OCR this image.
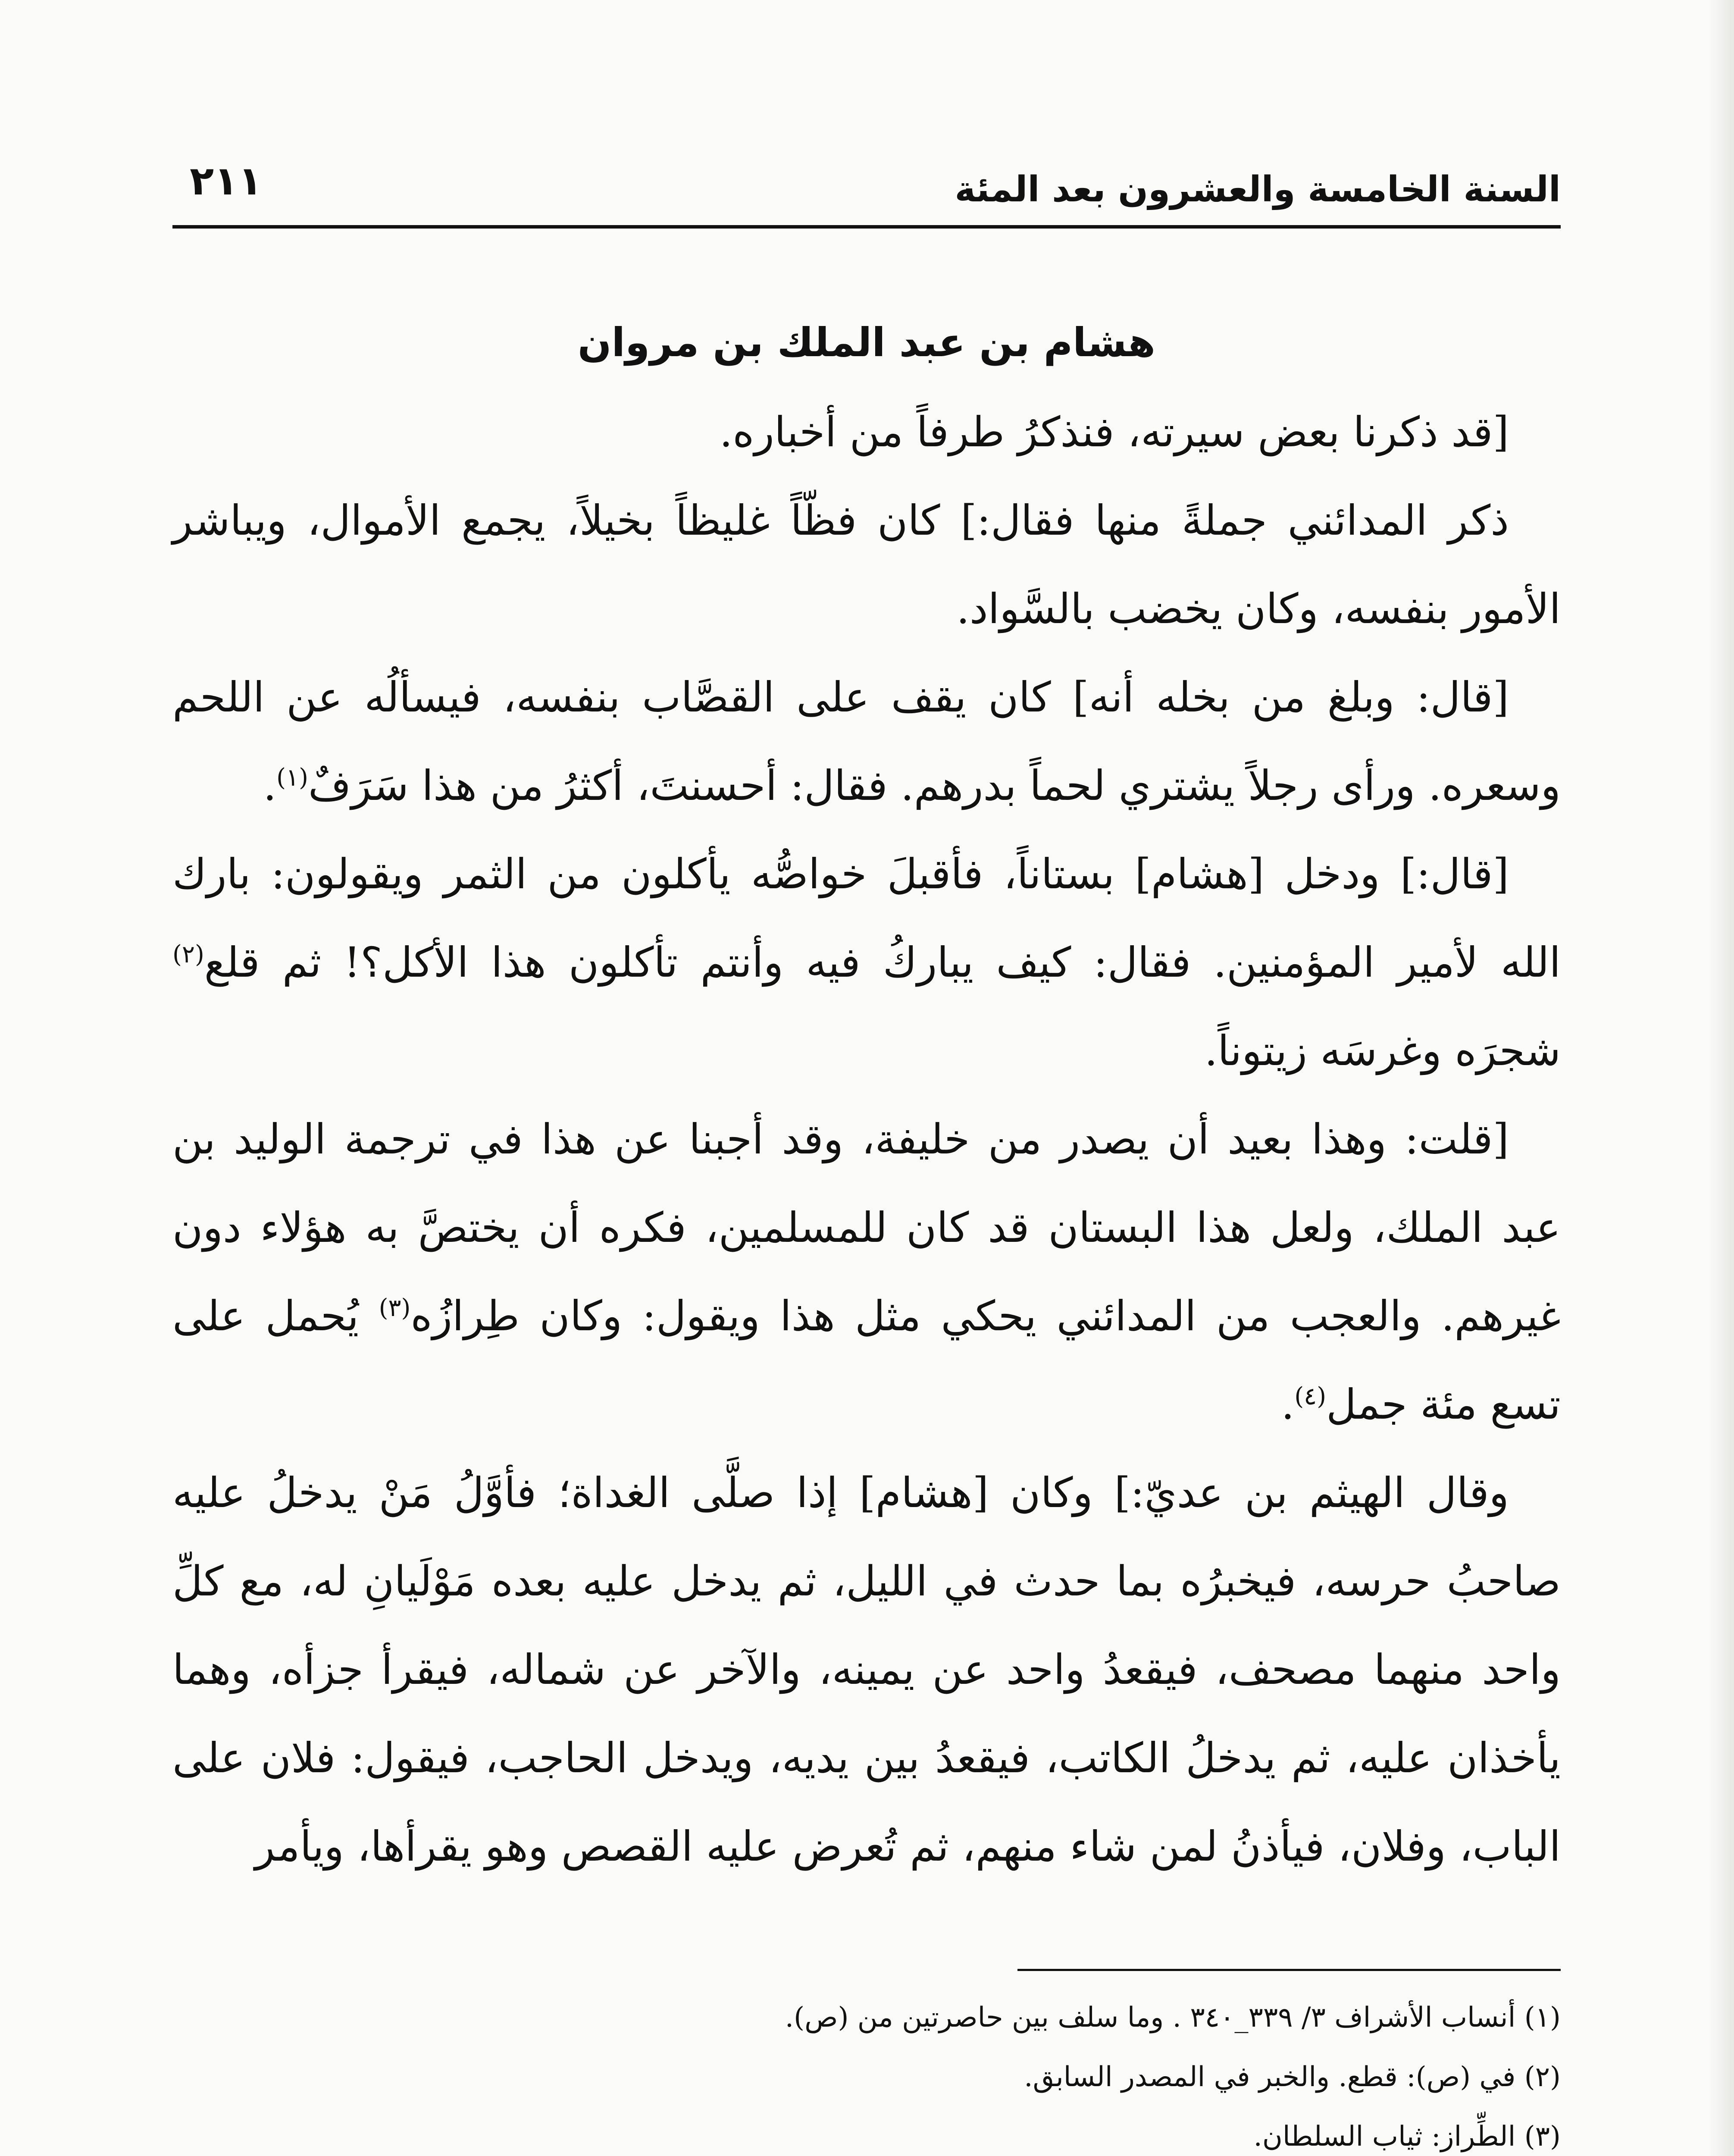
السنة الخامسة والعشرون بعد المئة
٢١١
هشام بن عبد الملك بن مروان

[قد ذكرنا بعض سيرته، فنذكرُ طرفاً من أخباره.

ذكر المدائني جملةً منها فقال:] كان فظّاً غليظاً بخيلاً، يجمع الأموال، ويباشر الأمور بنفسه، وكان يخضب بالسَّواد.

[قال: وبلغ من بخله أنه] كان يقف على القصَّاب بنفسه، فيسألُه عن اللحم وسعره. ورأى رجلاً يشتري لحماً بدرهم. فقال: أحسنتَ، أكثرُ من هذا سَرَفٌ$^{(١)}$.

[قال:] ودخل [هشام] بستاناً، فأقبلَ خواصُّه يأكلون من الثمر ويقولون: بارك الله لأمير المؤمنين. فقال: كيف يباركُ فيه وأنتم تأكلون هذا الأكل؟! ثم قلع$^{(٢)}$ شجرَه وغرسَه زيتوناً.

[قلت: وهذا بعيد أن يصدر من خليفة، وقد أجبنا عن هذا في ترجمة الوليد بن عبد الملك، ولعل هذا البستان قد كان للمسلمين، فكره أن يختصَّ به هؤلاء دون غيرهم. والعجب من المدائني يحكي مثل هذا ويقول: وكان طِرازُه$^{(٣)}$ يُحمل على تسع مئة جمل$^{(٤)}$.

وقال الهيثم بن عديّ:] وكان [هشام] إذا صلَّى الغداة؛ فأوَّلُ مَنْ يدخلُ عليه صاحبُ حرسه، فيخبرُه بما حدث في الليل، ثم يدخل عليه بعده مَوْلَيانِ له، مع كلِّ واحد منهما مصحف، فيقعدُ واحد عن يمينه، والآخر عن شماله، فيقرأ جزأه، وهما يأخذان عليه، ثم يدخلُ الكاتب، فيقعدُ بين يديه، ويدخل الحاجب، فيقول: فلان على الباب، وفلان، فيأذنُ لمن شاء منهم، ثم تُعرض عليه القصص وهو يقرأها، ويأمر

(١) أنساب الأشراف ٣/ ٣٣٩_٣٤٠ . وما سلف بين حاصرتين من (ص).

(٢) في (ص): قطع. والخبر في المصدر السابق.

(٣) الطِّراز: ثياب السلطان.
